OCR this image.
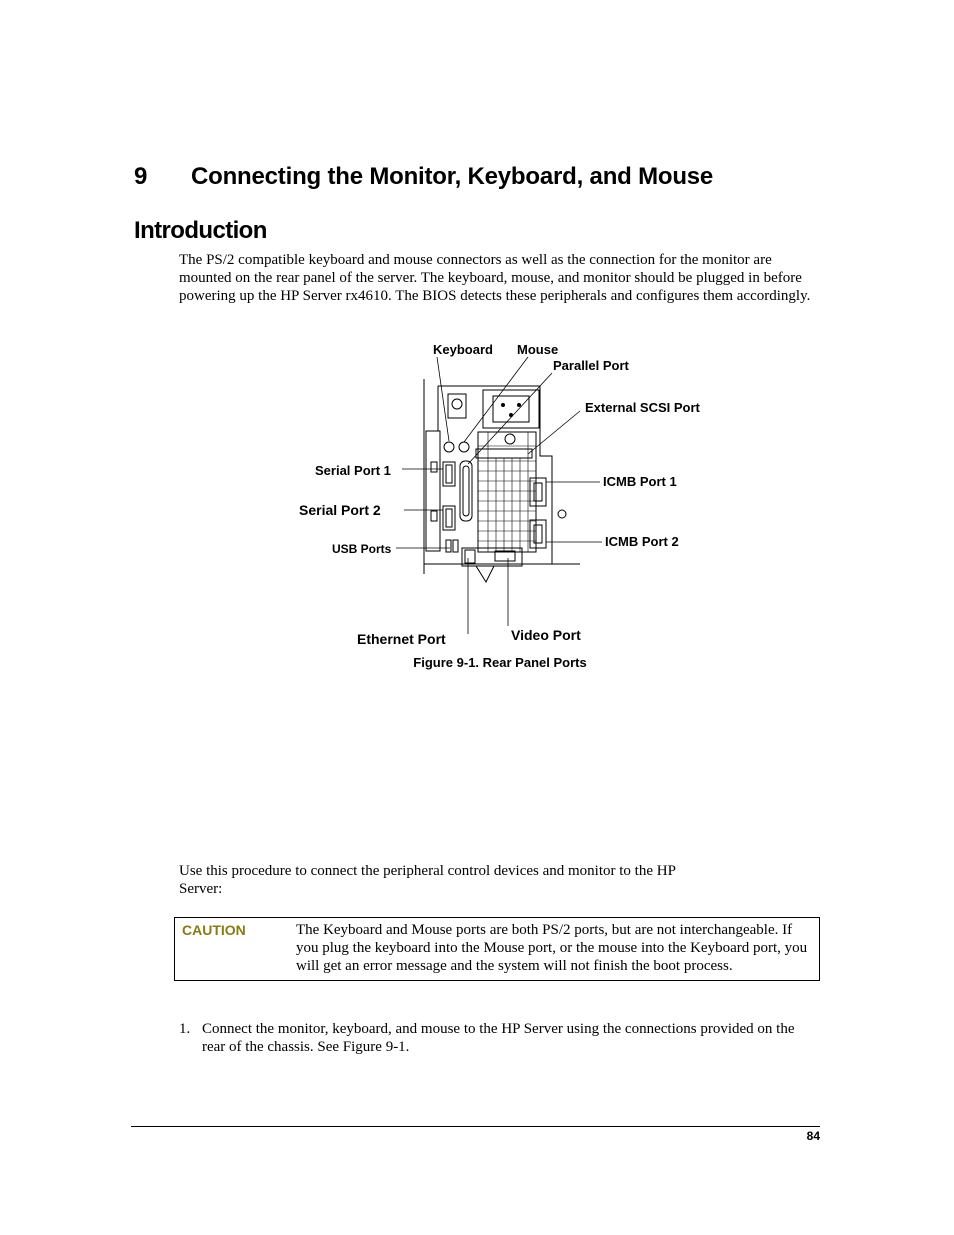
9 Connecting the Monitor, Keyboard, and Mouse
Introduction
The PS/2 compatible keyboard and mouse connectors as well as the connection for the monitor are mounted on the rear panel of the server. The keyboard, mouse, and monitor should be plugged in before powering up the HP Server rx4610. The BIOS detects these peripherals and configures them accordingly.
Keyboard Mouse
Parallel Port
External SCSI Port
Serial Port 1
Serial Port 2
USB Ports
ICMB Port 1
ICMB Port 2
Ethernet Port	Video Port
Figure 9-1. Rear Panel Ports
Use this procedure to connect the peripheral control devices and monitor to the HP Server:
CAUTION	The Keyboard and Mouse ports are both PS/2 ports, but are not interchangeable. If you plug the keyboard into the Mouse port, or the mouse into the Keyboard port, you will get an error message and the system will not finish the boot process.
1. Connect the monitor, keyboard, and mouse to the HP Server using the connections provided on the rear of the chassis. See Figure 9-1.
84
